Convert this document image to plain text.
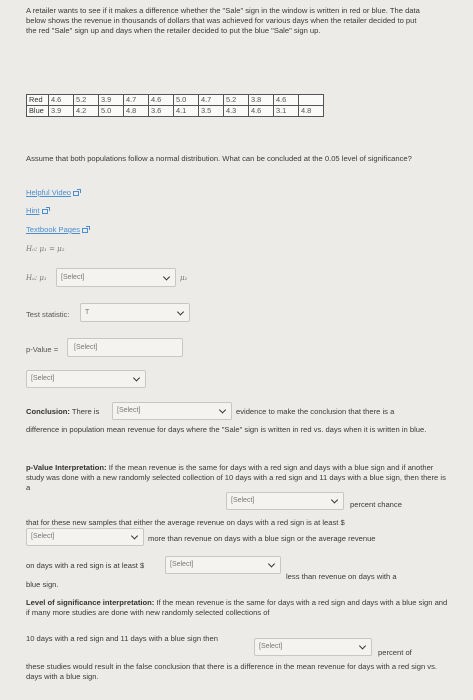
A retailer wants to see if it makes a difference whether the "Sale" sign in the window is written in red or blue. The data below shows the revenue in thousands of dollars that was achieved for various days when the retailer decided to put the red "Sale" sign up and days when the retailer decided to put the blue "Sale" sign up.
Red	4.6	5.2	3.9	4.7	4.6	5.0	4.7	5.2	3.8	4.6	
Blue	3.9	4.2	5.0	4.8	3.6	4.1	3.5	4.3	4.6	3.1	4.8
Assume that both populations follow a normal distribution. What can be concluded at the 0.05 level of significance?
Helpful Video
Hint
Textbook Pages
H₀: μ₁ = μ₂
Hₐ: μ₁ [Select]	μ₂
Test statistic: T
p-Value = [Select]
[Select]
Conclusion: There is	[Select]	evidence to make the conclusion that there is a
difference in population mean revenue for days where the "Sale" sign is written in red vs. days when it is written in blue.
p-Value Interpretation: If the mean revenue is the same for days with a red sign and days with a blue sign and if another study was done with a new randomly selected collection of 10 days with a red sign and 11 days with a blue sign, then there is a
[Select]	percent chance
that for these new samples that either the average revenue on days with a red sign is at least $
[Select]	more than revenue on days with a blue sign or the average revenue
on days with a red sign is at least $	[Select]
less than revenue on days with a
blue sign.
Level of significance interpretation: If the mean revenue is the same for days with a red sign and days with a blue sign and if many more studies are done with new randomly selected collections of
10 days with a red sign and 11 days with a blue sign then
[Select]
percent of
these studies would result in the false conclusion that there is a difference in the mean revenue for days with a red sign vs. days with a blue sign.
